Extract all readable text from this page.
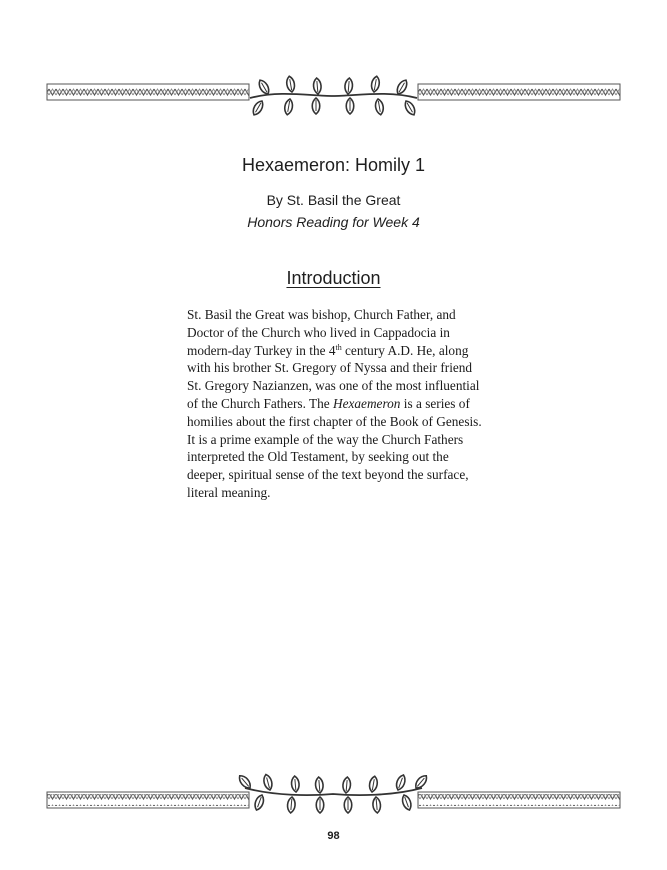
Hexaemeron: Homily 1
By St. Basil the Great
Honors Reading for Week 4
Introduction
St. Basil the Great was bishop, Church Father, and Doctor of the Church who lived in Cappadocia in modern-day Turkey in the 4th century A.D. He, along with his brother St. Gregory of Nyssa and their friend St. Gregory Nazianzen, was one of the most influential of the Church Fathers. The Hexaemeron is a series of homilies about the first chapter of the Book of Genesis. It is a prime example of the way the Church Fathers interpreted the Old Testament, by seeking out the deeper, spiritual sense of the text beyond the surface, literal meaning.
98
